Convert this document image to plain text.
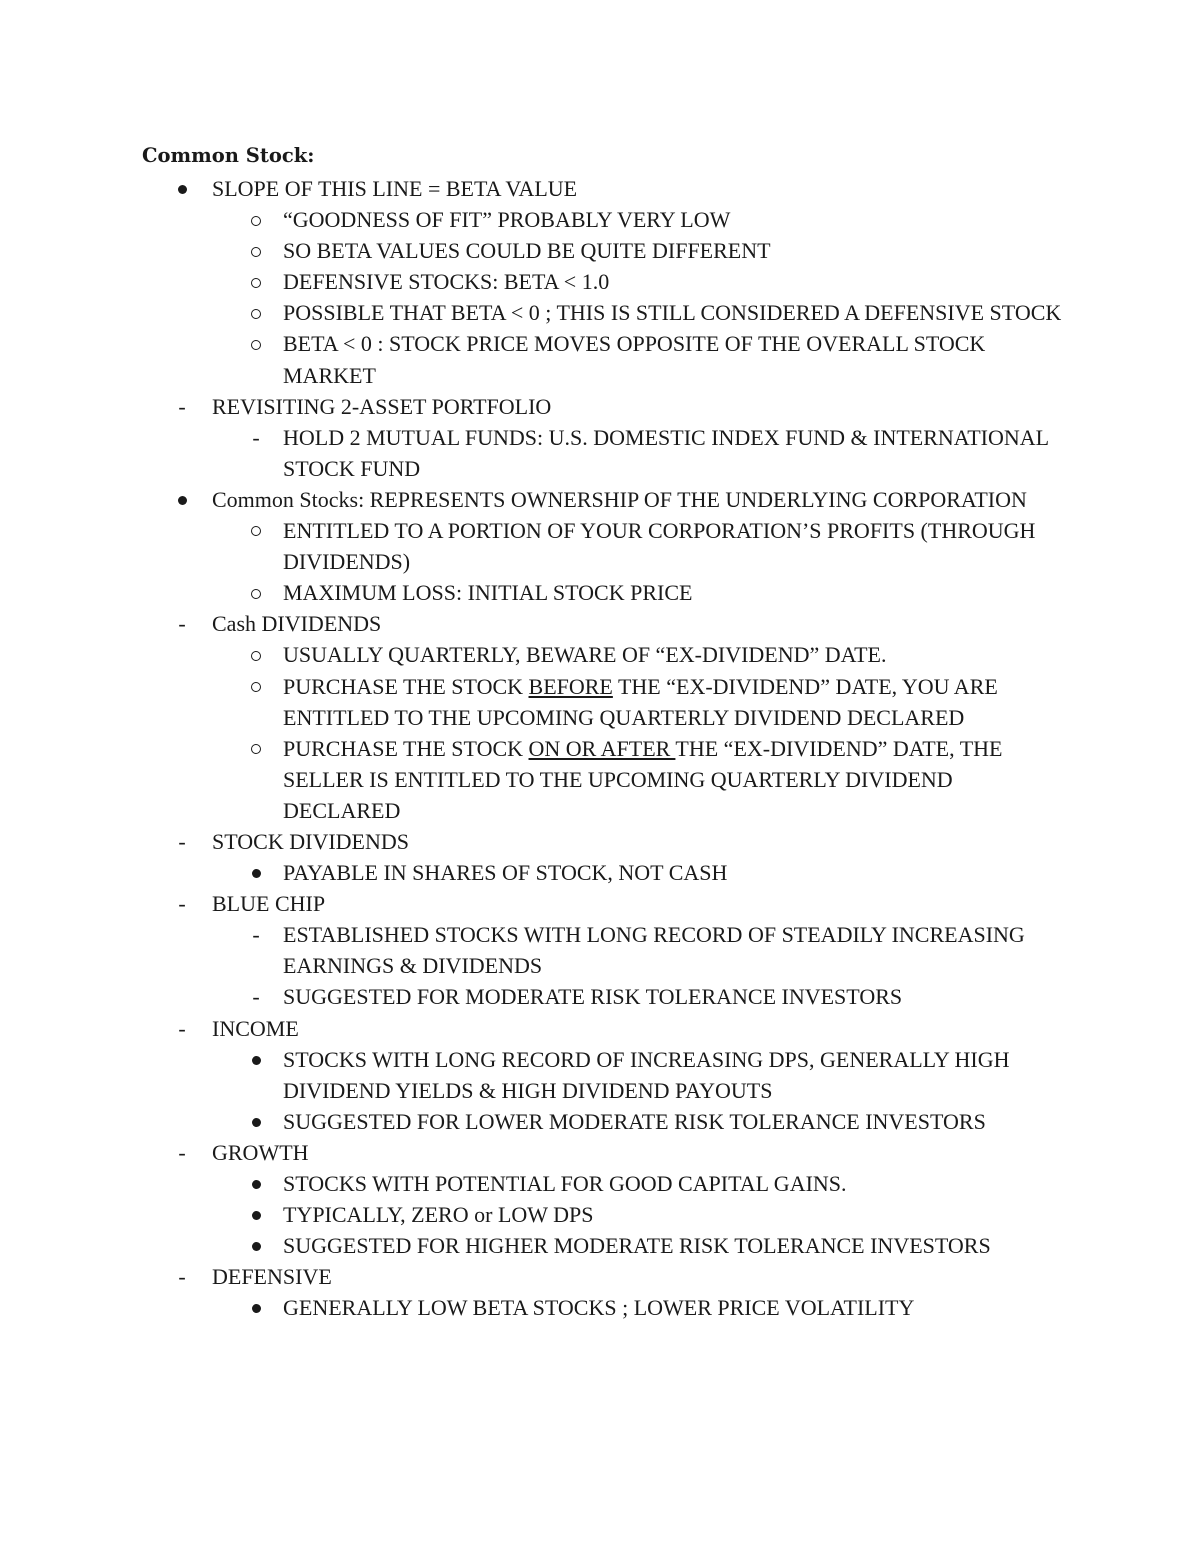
Common Stock:
SLOPE OF THIS LINE = BETA VALUE
“GOODNESS OF FIT” PROBABLY VERY LOW
SO BETA VALUES COULD BE QUITE DIFFERENT
DEFENSIVE STOCKS: BETA < 1.0
POSSIBLE THAT BETA < 0 ; THIS IS STILL CONSIDERED A DEFENSIVE STOCK
BETA < 0 : STOCK PRICE MOVES OPPOSITE OF THE OVERALL STOCK MARKET
- REVISITING 2-ASSET PORTFOLIO
- HOLD 2 MUTUAL FUNDS: U.S. DOMESTIC INDEX FUND & INTERNATIONAL STOCK FUND
Common Stocks: REPRESENTS OWNERSHIP OF THE UNDERLYING CORPORATION
ENTITLED TO A PORTION OF YOUR CORPORATION’S PROFITS (THROUGH DIVIDENDS)
MAXIMUM LOSS: INITIAL STOCK PRICE
- Cash DIVIDENDS
USUALLY QUARTERLY, BEWARE OF “EX-DIVIDEND” DATE.
PURCHASE THE STOCK BEFORE THE “EX-DIVIDEND” DATE, YOU ARE ENTITLED TO THE UPCOMING QUARTERLY DIVIDEND DECLARED
PURCHASE THE STOCK ON OR AFTER THE “EX-DIVIDEND” DATE, THE SELLER IS ENTITLED TO THE UPCOMING QUARTERLY DIVIDEND DECLARED
- STOCK DIVIDENDS
PAYABLE IN SHARES OF STOCK, NOT CASH
- BLUE CHIP
- ESTABLISHED STOCKS WITH LONG RECORD OF STEADILY INCREASING EARNINGS & DIVIDENDS
- SUGGESTED FOR MODERATE RISK TOLERANCE INVESTORS
- INCOME
STOCKS WITH LONG RECORD OF INCREASING DPS, GENERALLY HIGH DIVIDEND YIELDS & HIGH DIVIDEND PAYOUTS
SUGGESTED FOR LOWER MODERATE RISK TOLERANCE INVESTORS
- GROWTH
STOCKS WITH POTENTIAL FOR GOOD CAPITAL GAINS.
TYPICALLY, ZERO or LOW DPS
SUGGESTED FOR HIGHER MODERATE RISK TOLERANCE INVESTORS
- DEFENSIVE
GENERALLY LOW BETA STOCKS ; LOWER PRICE VOLATILITY
